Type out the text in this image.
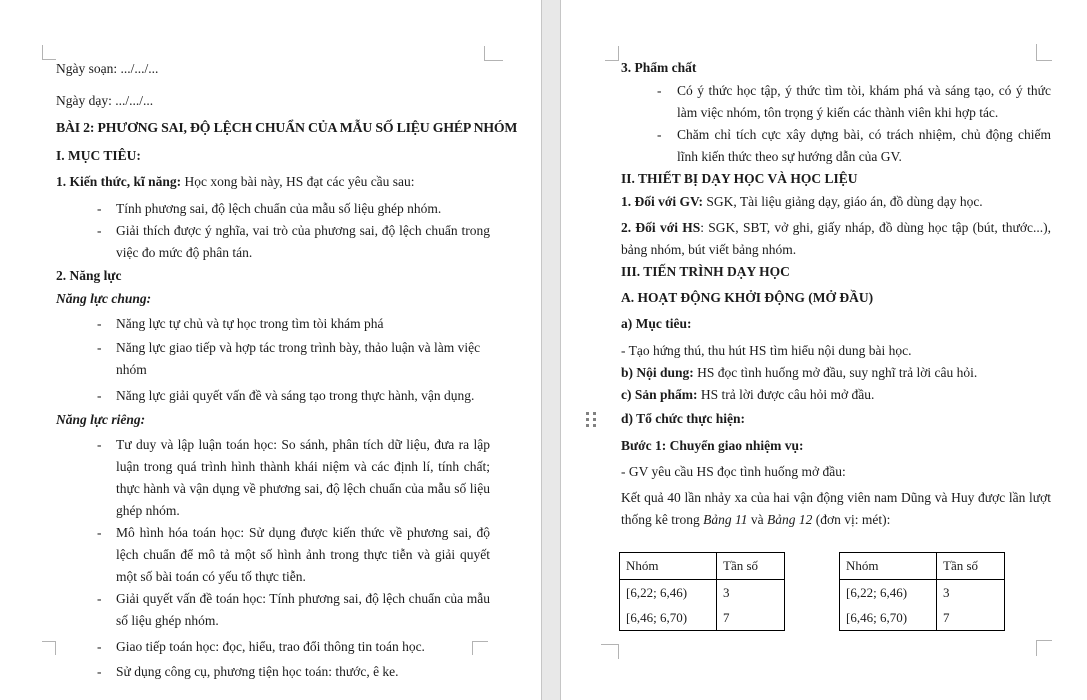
Ngày soạn: .../.../...

Ngày dạy: .../.../...

BÀI 2: PHƯƠNG SAI, ĐỘ LỆCH CHUẨN CỦA MẪU SỐ LIỆU GHÉP NHÓM

I. MỤC TIÊU:

1. Kiến thức, kĩ năng: Học xong bài này, HS đạt các yêu cầu sau:

- Tính phương sai, độ lệch chuẩn của mẫu số liệu ghép nhóm.
- Giải thích được ý nghĩa, vai trò của phương sai, độ lệch chuẩn trong việc đo mức độ phân tán.

2. Năng lực

Năng lực chung:

- Năng lực tự chủ và tự học trong tìm tòi khám phá
- Năng lực giao tiếp và hợp tác trong trình bày, thảo luận và làm việc nhóm
- Năng lực giải quyết vấn đề và sáng tạo trong thực hành, vận dụng.

Năng lực riêng:

- Tư duy và lập luận toán học: So sánh, phân tích dữ liệu, đưa ra lập luận trong quá trình hình thành khái niệm và các định lí, tính chất; thực hành và vận dụng về phương sai, độ lệch chuẩn của mẫu số liệu ghép nhóm.
- Mô hình hóa toán học: Sử dụng được kiến thức về phương sai, độ lệch chuẩn để mô tả một số hình ảnh trong thực tiễn và giải quyết một số bài toán có yếu tố thực tiễn.
- Giải quyết vấn đề toán học: Tính phương sai, độ lệch chuẩn của mẫu số liệu ghép nhóm.
- Giao tiếp toán học: đọc, hiểu, trao đổi thông tin toán học.
- Sử dụng công cụ, phương tiện học toán: thước, ê ke.

3. Phẩm chất

- Có ý thức học tập, ý thức tìm tòi, khám phá và sáng tạo, có ý thức làm việc nhóm, tôn trọng ý kiến các thành viên khi hợp tác.
- Chăm chỉ tích cực xây dựng bài, có trách nhiệm, chủ động chiếm lĩnh kiến thức theo sự hướng dẫn của GV.

II. THIẾT BỊ DẠY HỌC VÀ HỌC LIỆU

1. Đối với GV: SGK, Tài liệu giảng dạy, giáo án, đồ dùng dạy học.

2. Đối với HS: SGK, SBT, vở ghi, giấy nháp, đồ dùng học tập (bút, thước...), bảng nhóm, bút viết bảng nhóm.

III. TIẾN TRÌNH DẠY HỌC

A. HOẠT ĐỘNG KHỞI ĐỘNG (MỞ ĐẦU)

a) Mục tiêu:

- Tạo hứng thú, thu hút HS tìm hiểu nội dung bài học.

b) Nội dung: HS đọc tình huống mở đầu, suy nghĩ trả lời câu hỏi.

c) Sản phẩm: HS trả lời được câu hỏi mở đầu.

d) Tổ chức thực hiện:

Bước 1: Chuyển giao nhiệm vụ:

- GV yêu cầu HS đọc tình huống mở đầu:

Kết quả 40 lần nhảy xa của hai vận động viên nam Dũng và Huy được lần lượt thống kê trong Bảng 11 và Bảng 12 (đơn vị: mét):

Nhóm	Tần số
[6,22; 6,46)	3
[6,46; 6,70)	7
Nhóm	Tần số
[6,22; 6,46)	3
[6,46; 6,70)	7
